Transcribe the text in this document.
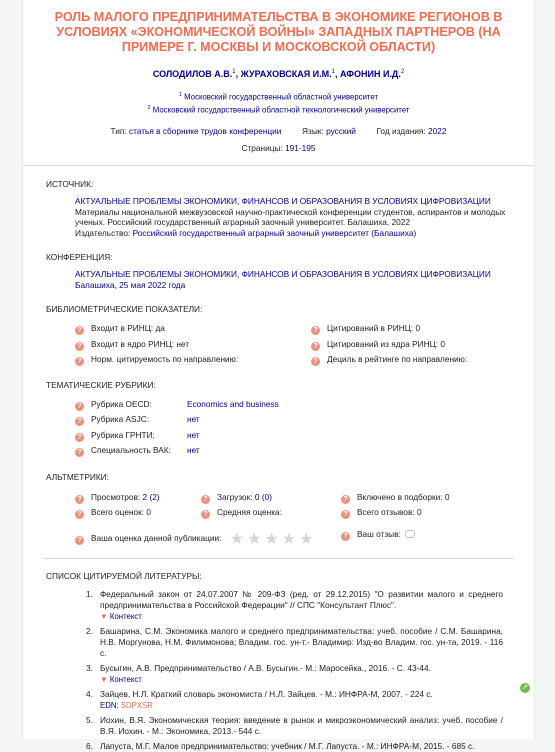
РОЛЬ МАЛОГО ПРЕДПРИНИМАТЕЛЬСТВА В ЭКОНОМИКЕ РЕГИОНОВ В УСЛОВИЯХ «ЭКОНОМИЧЕСКОЙ ВОЙНЫ» ЗАПАДНЫХ ПАРТНЕРОВ (НА ПРИМЕРЕ Г. МОСКВЫ И МОСКОВСКОЙ ОБЛАСТИ)
СОЛОДИЛОВ А.В.$^1$, ЖУРАХОВСКАЯ И.М.$^1$, АФОНИН И.Д.$^2$
$^1$ Московский государственный областной университет
$^2$ Московский государственный областной технологический университет
Тип: статья в сборнике трудов конференции Язык: русский Год издания: 2022
Страницы: 191-195
ИСТОЧНИК:
АКТУАЛЬНЫЕ ПРОБЛЕМЫ ЭКОНОМИКИ, ФИНАНСОВ И ОБРАЗОВАНИЯ В УСЛОВИЯХ ЦИФРОВИЗАЦИИ
Материалы национальной межвузовской научно-практической конференции студентов, аспирантов и молодых ученых. Российский государственный аграрный заочный университет. Балашиха, 2022
Издательство: Российский государственный аграрный заочный университет (Балашиха)
КОНФЕРЕНЦИЯ:
АКТУАЛЬНЫЕ ПРОБЛЕМЫ ЭКОНОМИКИ, ФИНАНСОВ И ОБРАЗОВАНИЯ В УСЛОВИЯХ ЦИФРОВИЗАЦИИ
Балашиха, 25 мая 2022 года
БИБЛИОМЕТРИЧЕСКИЕ ПОКАЗАТЕЛИ:
? Входит в РИНЦ: да	? Цитирований в РИНЦ: 0
? Входит в ядро РИНЦ: нет	? Цитирований из ядра РИНЦ: 0
? Норм. цитируемость по направлению:	? Дециль в рейтинге по направлению:
ТЕМАТИЧЕСКИЕ РУБРИКИ:
? Рубрика OECD:	Economics and business
? Рубрика ASJC:	нет
? Рубрика ГРНТИ:	нет
? Специальность ВАК: нет
АЛЬТМЕТРИКИ:
? Просмотров: 2 (2)	? Загрузок: 0 (0)	? Включено в подборки: 0
? Всего оценок: 0	? Средняя оценка:	? Всего отзывов: 0
? Ваша оценка данной публикации: ★★★★★	? Ваш отзыв:
СПИСОК ЦИТИРУЕМОЙ ЛИТЕРАТУРЫ:
1. Федеральный закон от 24.07.2007 № 209-ФЗ (ред. от 29.12.2015) "О развитии малого и среднего предпринимательства в Российской Федерации" // СПС "Консультант Плюс".
▼ Контекст
2. Башарина, С.М. Экономика малого и среднего предпринимательства: учеб. пособие / С.М. Башарина, Н.В. Моргунова, Н.М. Филимонова; Владим. гос. ун-т.- Владимир: Изд-во Владим. гос. ун-та, 2019. - 116 с.
3. Бусыгин, А.В. Предпринимательство / А.В. Бусыгин.- М.: Маросейка., 2016. - С. 43-44.
▼ Контекст
4. Зайцев, Н.Л. Краткий словарь экономиста / Н.Л. Зайцев. - М.: ИНФРА-М, 2007. - 224 с.
EDN: SDPXSR
5. Иохин, В.Я. Экономическая теория: введение в рынок и микроэкономический анализ: учеб. пособие / В.Я. Иохин. - М.: Экономика, 2013.- 544 с.
6. Лапуста, М.Г. Малое предпринимательство: учебник / М.Г. Лапуста. - М.: ИНФРА-М, 2015. - 685 с.
↗
